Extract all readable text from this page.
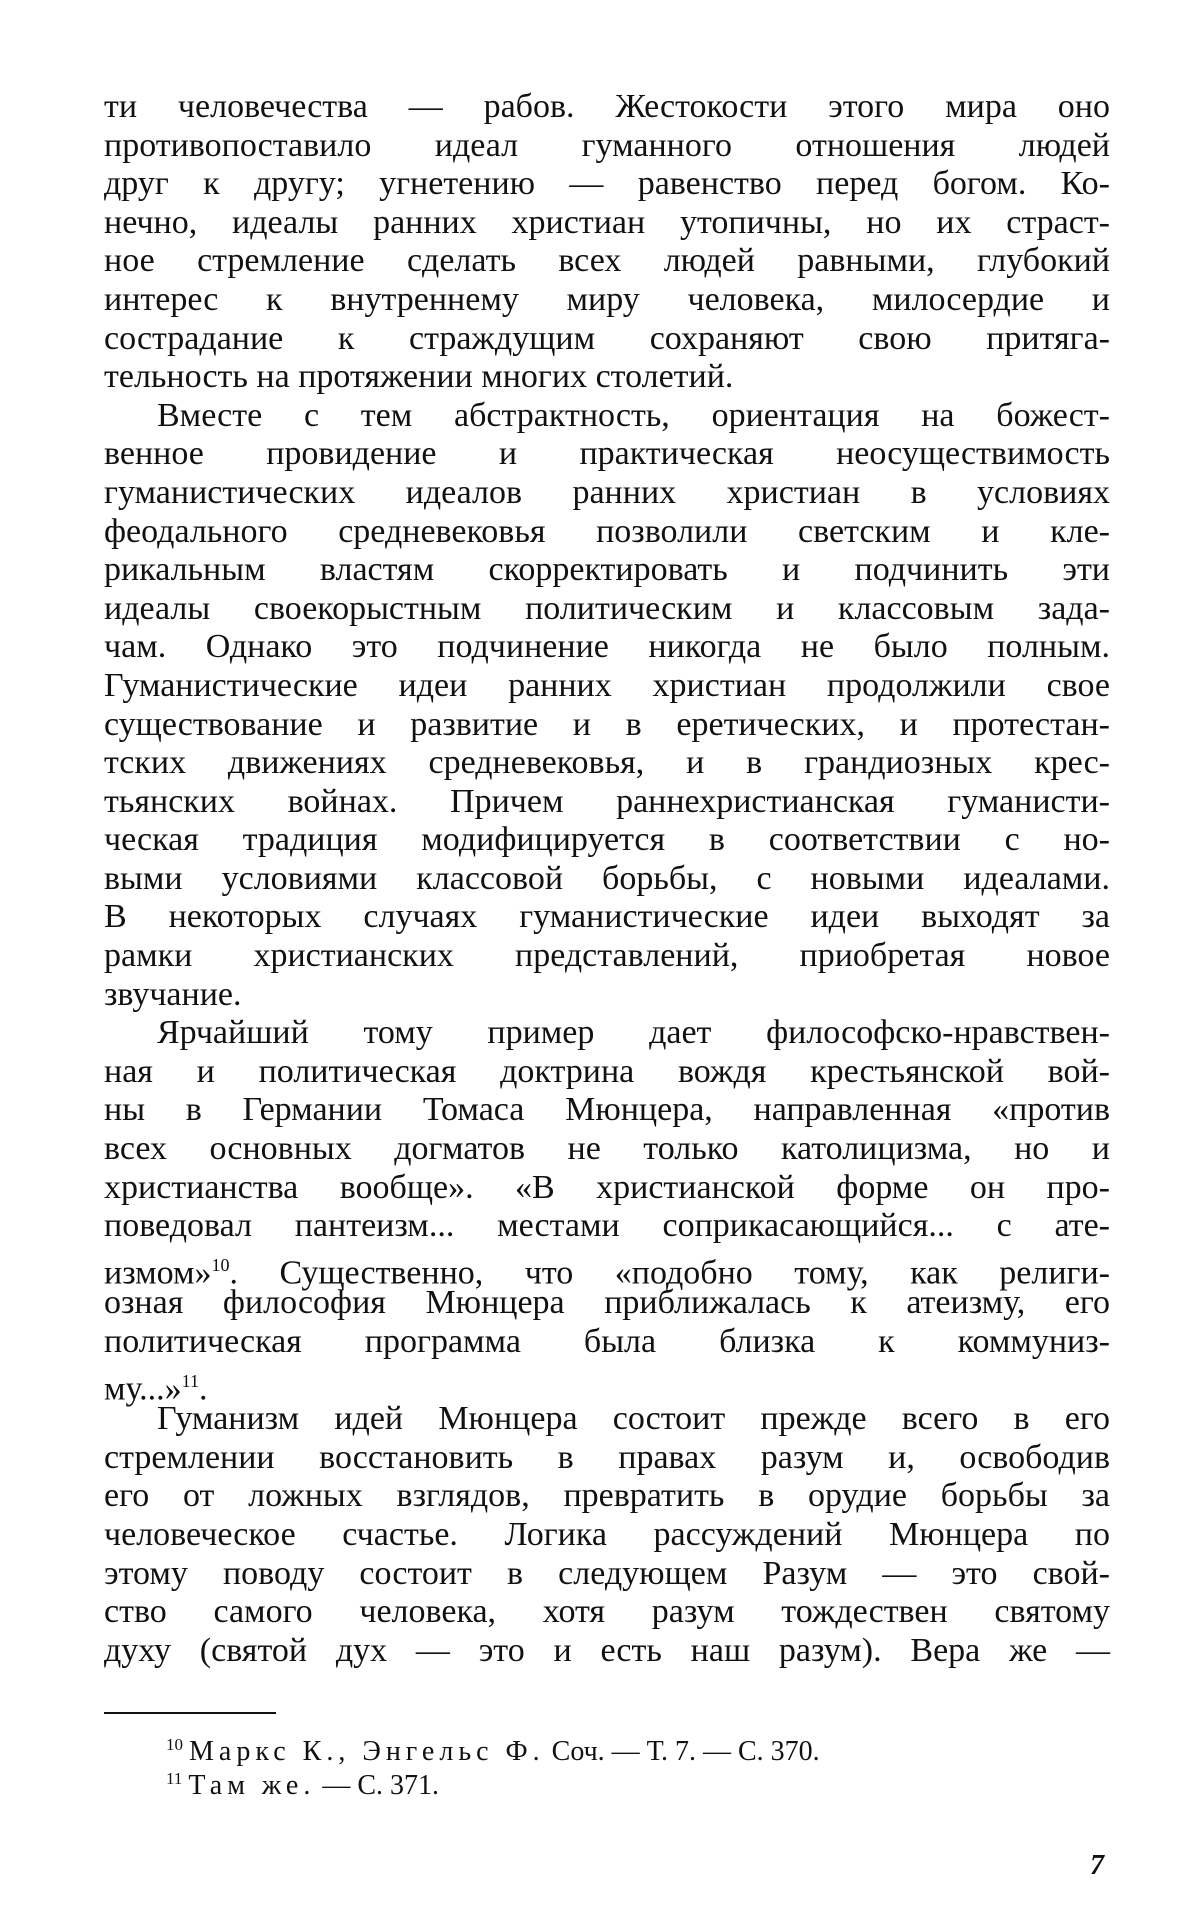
ти человечества — рабов. Жестокости этого мира оно
противопоставило идеал гуманного отношения людей
друг к другу; угнетению — равенство перед богом. Ко-
нечно, идеалы ранних христиан утопичны, но их страст-
ное стремление сделать всех людей равными, глубокий
интерес к внутреннему миру человека, милосердие и
сострадание к страждущим сохраняют свою притяга-
тельность на протяжении многих столетий.
Вместе с тем абстрактность, ориентация на божест-
венное провидение и практическая неосуществимость
гуманистических идеалов ранних христиан в условиях
феодального средневековья позволили светским и кле-
рикальным властям скорректировать и подчинить эти
идеалы своекорыстным политическим и классовым зада-
чам. Однако это подчинение никогда не было полным.
Гуманистические идеи ранних христиан продолжили свое
существование и развитие и в еретических, и протестан-
тских движениях средневековья, и в грандиозных крес-
тьянских войнах. Причем раннехристианская гуманисти-
ческая традиция модифицируется в соответствии с но-
выми условиями классовой борьбы, с новыми идеалами.
В некоторых случаях гуманистические идеи выходят за
рамки христианских представлений, приобретая новое
звучание.
Ярчайший тому пример дает философско-нравствен-
ная и политическая доктрина вождя крестьянской вой-
ны в Германии Томаса Мюнцера, направленная «против
всех основных догматов не только католицизма, но и
христианства вообще». «В христианской форме он про-
поведовал пантеизм... местами соприкасающийся... с ате-
измом»$^{10}$. Существенно, что «подобно тому, как религи-
озная философия Мюнцера приближалась к атеизму, его
политическая программа была близка к коммуниз-
му...»$^{11}$.
Гуманизм идей Мюнцера состоит прежде всего в его
стремлении восстановить в правах разум и, освободив
его от ложных взглядов, превратить в орудие борьбы за
человеческое счастье. Логика рассуждений Мюнцера по
этому поводу состоит в следующем Разум — это свой-
ство самого человека, хотя разум тождествен святому
духу (святой дух — это и есть наш разум). Вера же —
$^{10}$ Маркс К., Энгельс Ф. Соч. — Т. 7. — С. 370.
$^{11}$ Там же. — С. 371.
7
